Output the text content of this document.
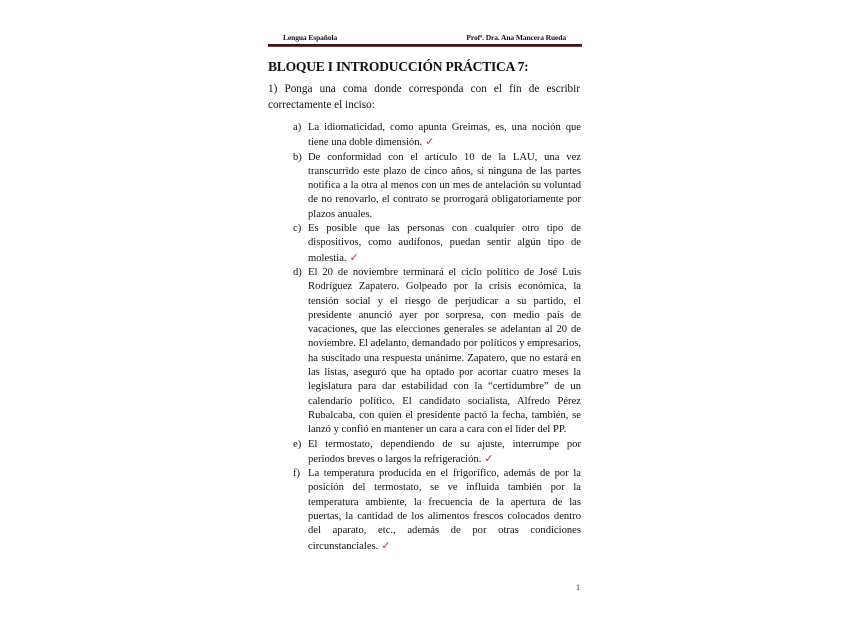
Lengua Española	Profª. Dra. Ana Mancera Rueda
BLOQUE I INTRODUCCIÓN PRÁCTICA 7:
1) Ponga una coma donde corresponda con el fin de escribir correctamente el inciso:
a) La idiomaticidad, como apunta Greimas, es, una noción que tiene una doble dimensión. ✓
b) De conformidad con el artículo 10 de la LAU, una vez transcurrido este plazo de cinco años, si ninguna de las partes notifica a la otra al menos con un mes de antelación su voluntad de no renovarlo, el contrato se prorrogará obligatoriamente por plazos anuales.
c) Es posible que las personas con cualquier otro tipo de dispositivos, como audífonos, puedan sentir algún tipo de molestia. ✓
d) El 20 de noviembre terminará el ciclo político de José Luis Rodríguez Zapatero. Golpeado por la crisis económica, la tensión social y el riesgo de perjudicar a su partido, el presidente anunció ayer por sorpresa, con medio país de vacaciones, que las elecciones generales se adelantan al 20 de noviembre. El adelanto, demandado por políticos y empresarios, ha suscitado una respuesta unánime. Zapatero, que no estará en las listas, aseguró que ha optado por acortar cuatro meses la legislatura para dar estabilidad con la “certidumbre” de un calendario político. El candidato socialista, Alfredo Pérez Rubalcaba, con quien el presidente pactó la fecha, también, se lanzó y confió en mantener un cara a cara con el líder del PP.
e) El termostato, dependiendo de su ajuste, interrumpe por periodos breves o largos la refrigeración. ✓
f) La temperatura producida en el frigorífico, además de por la posición del termostato, se ve influida también por la temperatura ambiente, la frecuencia de la apertura de las puertas, la cantidad de los alimentos frescos colocados dentro del aparato, etc., además de por otras condiciones circunstanciales. ✓
1
